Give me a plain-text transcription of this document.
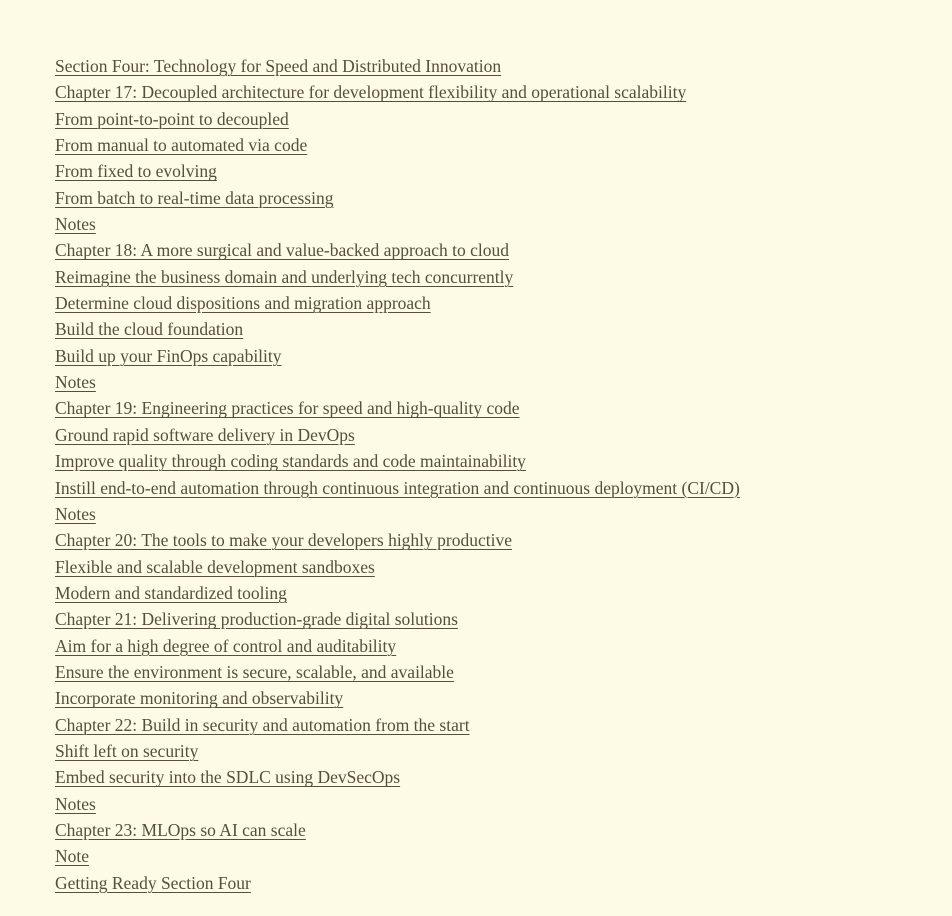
Section Four: Technology for Speed and Distributed Innovation
Chapter 17: Decoupled architecture for development flexibility and operational scalability
From point-to-point to decoupled
From manual to automated via code
From fixed to evolving
From batch to real-time data processing
Notes
Chapter 18: A more surgical and value-backed approach to cloud
Reimagine the business domain and underlying tech concurrently
Determine cloud dispositions and migration approach
Build the cloud foundation
Build up your FinOps capability
Notes
Chapter 19: Engineering practices for speed and high-quality code
Ground rapid software delivery in DevOps
Improve quality through coding standards and code maintainability
Instill end-to-end automation through continuous integration and continuous deployment (CI/CD)
Notes
Chapter 20: The tools to make your developers highly productive
Flexible and scalable development sandboxes
Modern and standardized tooling
Chapter 21: Delivering production-grade digital solutions
Aim for a high degree of control and auditability
Ensure the environment is secure, scalable, and available
Incorporate monitoring and observability
Chapter 22: Build in security and automation from the start
Shift left on security
Embed security into the SDLC using DevSecOps
Notes
Chapter 23: MLOps so AI can scale
Note
Getting Ready Section Four
